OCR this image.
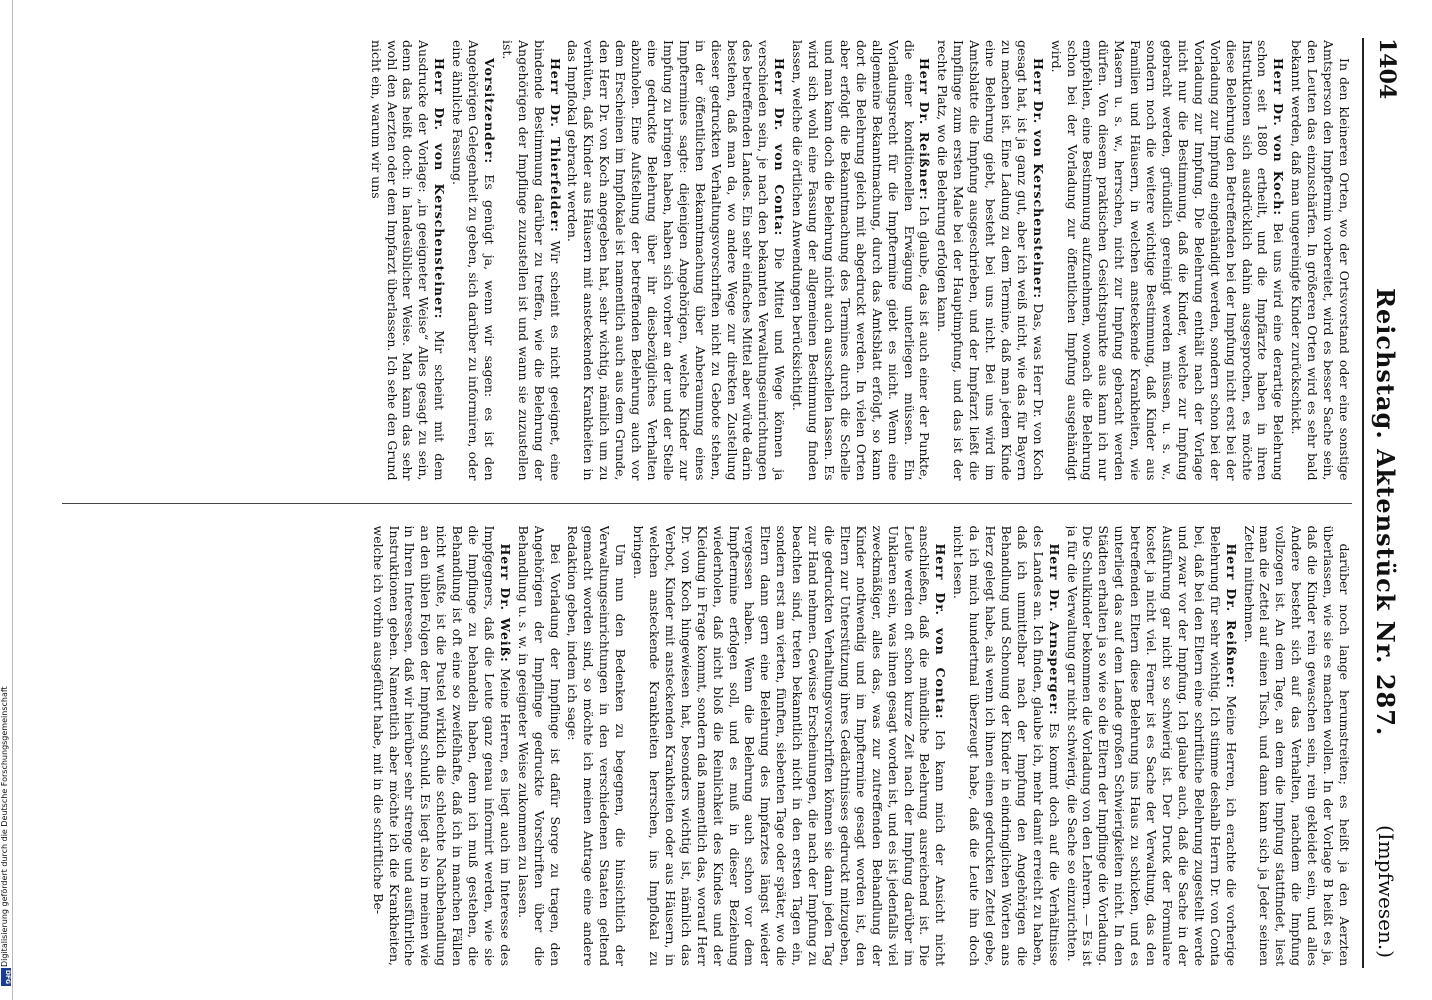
1404
Reichstag. Aktenstück Nr. 287.
(Impfwesen.)

In den kleineren Orten, wo der Ortsvorstand oder eine sonstige Amtsperson den Impftermin vorbereitet, wird es besser Sache sein, den Leuten das einzuschärfen. In größeren Orten wird es sehr bald bekannt werden, daß man ungereinigte Kinder zurückschickt.

Herr Dr. von Koch: Bei uns wird eine derartige Belehrung schon seit 1880 ertheilt, und die Impfärzte haben in ihren Instruktionen sich ausdrücklich dahin ausgesprochen, es möchte diese Belehrung den Betreffenden bei der Impfung nicht erst bei der Vorladung zur Impfung eingehändigt werden, sondern schon bei der Vorladung zur Impfung. Die Belehrung enthält nach der Vorlage nicht nur die Bestimmung, daß die Kinder, welche zur Impfung gebracht werden, gründlich gereinigt werden müssen, u. s. w., sondern noch die weitere wichtige Bestimmung, daß Kinder aus Familien und Häusern, in welchen ansteckende Krankheiten, wie Masern u. s. w., herrschen, nicht zur Impfung gebracht werden dürfen. Von diesem praktischen Gesichtspunkte aus kann ich nur empfehlen, eine Bestimmung aufzunehmen, wonach die Belehrung schon bei der Vorladung zur öffentlichen Impfung ausgehändigt wird.

Herr Dr. von Kerschensteiner: Das, was Herr Dr. von Koch gesagt hat, ist ja ganz gut, aber ich weiß nicht, wie das für Bayern zu machen ist. Eine Ladung zu dem Termine, daß man jedem Kinde eine Belehrung giebt, besteht bei uns nicht. Bei uns wird im Amtsblatte die Impfung ausgeschrieben, und der Impfarzt ließt die Impflinge zum ersten Male bei der Hauptimpfung, und das ist der rechte Platz, wo die Belehrung erfolgen kann.

Herr Dr. Reißner: Ich glaube, das ist auch einer der Punkte, die einer konditionellen Erwägung unterliegen müssen. Ein Vorladungsrecht für die Impftermine giebt es nicht. Wenn eine allgemeine Bekanntmachung, durch das Amtsblatt erfolgt, so kann dort die Belehrung gleich mit abgedruckt werden. In vielen Orten aber erfolgt die Bekanntmachung des Termines durch die Schelle und man kann doch die Belehrung nicht auch ausschellen lassen. Es wird sich wohl eine Fassung der allgemeinen Bestimmung finden lassen, welche die örtlichen Anwendungen berücksichtigt.

Herr Dr. von Conta: Die Mittel und Wege können ja verschieden sein, je nach den bekannten Verwaltungseinrichtungen des betreffenden Landes. Ein sehr einfaches Mittel aber würde darin bestehen, daß man da, wo andere Wege zur direkten Zustellung dieser gedruckten Verhaltungsvorschriften nicht zu Gebote stehen, in der öffentlichen Bekanntmachung über Anberaumung eines Impftermines sagte: diejenigen Angehörigen, welche Kinder zur Impfung zu bringen haben, haben sich vorher an der und der Stelle eine gedruckte Belehrung über ihr diesbezügliches Verhalten abzuholen. Eine Aufstellung der betreffenden Belehrung auch vor dem Erscheinen im Impflokale ist namentlich auch aus dem Grunde, den Herr Dr. von Koch angegeben hat, sehr wichtig, nämlich um zu verhüten, daß Kinder aus Häusern mit ansteckenden Krankheiten in das Impflokal gebracht werden.

Herr Dr. Thierfelder: Wir scheint es nicht geeignet, eine bindende Bestimmung darüber zu treffen, wie die Belehrung der Angehörigen der Impflinge zuzustellen ist und wann sie zuzustellen ist.

Vorsitzender: Es genügt ja, wenn wir sagen: es ist den Angehörigen Gelegenheit zu geben, sich darüber zu informiren, oder eine ähnliche Fassung.

Herr Dr. von Kerschensteiner: Mir scheint mit dem Ausdrucke der Vorlage: „in geeigneter Weise“ Alles gesagt zu sein, denn das heißt doch: in landesüblicher Weise. Man kann das sehr wohl den Aerzten oder dem Impfarzt überlassen. Ich sehe den Grund nicht ein, warum wir uns

darüber noch lange herumstreiten; es heißt ja den Aerzten überlassen, wie sie es machen wollen. In der Vorlage B heißt es ja, daß die Kinder rein gewaschen sein, rein gekleidet sein, und alles Andere besteht sich auf das Verhalten, nachdem die Impfung vollzogen ist. An dem Tage, an dem die Impfung stattfindet, liest man die Zettel auf einen Tisch, und dann kann sich ja Jeder seinen Zettel mitnehmen.

Herr Dr. Reißner: Meine Herren, ich erachte die vorherige Belehrung für sehr wichtig. Ich stimme deshalb Herrn Dr. von Conta bei, daß bei den Eltern eine schriftliche Belehrung zugestellt werde und zwar vor der Impfung. Ich glaube auch, daß die Sache in der Ausführung gar nicht so schwierig ist. Der Druck der Formulare kostet ja nicht viel. Ferner ist es Sache der Verwaltung, das den betreffenden Eltern diese Belehrung ins Haus zu schicken, und es unterliegt das auf dem Lande großen Schwierigkeiten nicht. In den Städten erhalten ja so wie so die Eltern der Impflinge die Vorladung. Die Schulkinder bekommen die Vorladung von den Lehrern. — Es ist ja für die Verwaltung gar nicht schwierig, die Sache so einzurichten.

Herr Dr. Arnsperger: Es kommt doch auf die Verhältnisse des Landes an. Ich finden, glaube ich, mehr damit erreicht zu haben, daß ich unmittelbar nach der Impfung den Angehörigen die Behandlung und Schonung der Kinder in eindringlichen Worten ans Herz gelegt habe, als wenn ich ihnen einen gedruckten Zettel gebe, da ich mich hundertmal überzeugt habe, daß die Leute ihn doch nicht lesen.

Herr Dr. von Conta: Ich kann mich der Ansicht nicht anschließen, daß die mündliche Belehrung ausreichend ist. Die Leute werden oft schon kurze Zeit nach der Impfung darüber im Unklaren sein, was ihnen gesagt worden ist, und es ist jedenfalls viel zweckmäßiger, alles das, was zur zutreffenden Behandlung der Kinder nothwendig und im Impftermine gesagt worden ist, den Eltern zur Unterstützung ihres Gedächtnisses gedruckt mitzugeben, die gedruckten Verhaltungsvorschriften können sie dann jeden Tag zur Hand nehmen. Gewisse Erscheinungen, die nach der Impfung zu beachten sind, treten bekanntlich nicht in den ersten Tagen ein, sondern erst am vierten, fünften, siebenten Tage oder später, wo die Eltern dann gern eine Belehrung des Impfarztes längst wieder vergessen haben. Wenn die Belehrung auch schon vor dem Impftermine erfolgen soll, und es muß in dieser Beziehung wiederholen, daß nicht bloß die Reinlichkeit des Kindes und der Kleidung in Frage kommt, sondern daß namentlich das, worauf Herr Dr. von Koch hingewiesen hat, besonders wichtig ist, nämlich das Verbot, Kinder mit ansteckenden Krankheiten oder aus Häusern, in welchen ansteckende Krankheiten herrschen, ins Impflokal zu bringen.

Um nun den Bedenken zu begegnen, die hinsichtlich der Verwaltungseinrichtungen in den verschiedenen Staaten geltend gemacht worden sind, so möchte ich meinen Antrage eine andere Redaktion geben, indem ich sage:

Bei Vorladung der Impflinge ist dafür Sorge zu tragen, den Angehörigen der Impflinge gedruckte Vorschriften über die Behandlung u. s. w. in geeigneter Weise zukommen zu lassen.

Herr Dr. Weiß: Meine Herren, es liegt auch im Interesse des Impfgegners, daß die Leute ganz genau informirt werden, wie sie die Impflinge zu behandeln haben, denn ich muß gestehen, die Behandlung ist oft eine so zweifelhafte, daß ich in manchen Fällen nicht wußte, ist die Pustel wirklich die schlechte Nachbehandlung an den üblen Folgen der Impfung schuld. Es liegt also in meinen wie in Ihren Interessen, daß wir hierüber sehr strenge und ausführliche Instruktionen geben. Namentlich aber möchte ich die Krankheiten, welche ich vorhin ausgeführt habe, mit in die schriftliche Be-

Digitalisierung gefördert durch die Deutsche Forschungsgemeinschaft
DFG
